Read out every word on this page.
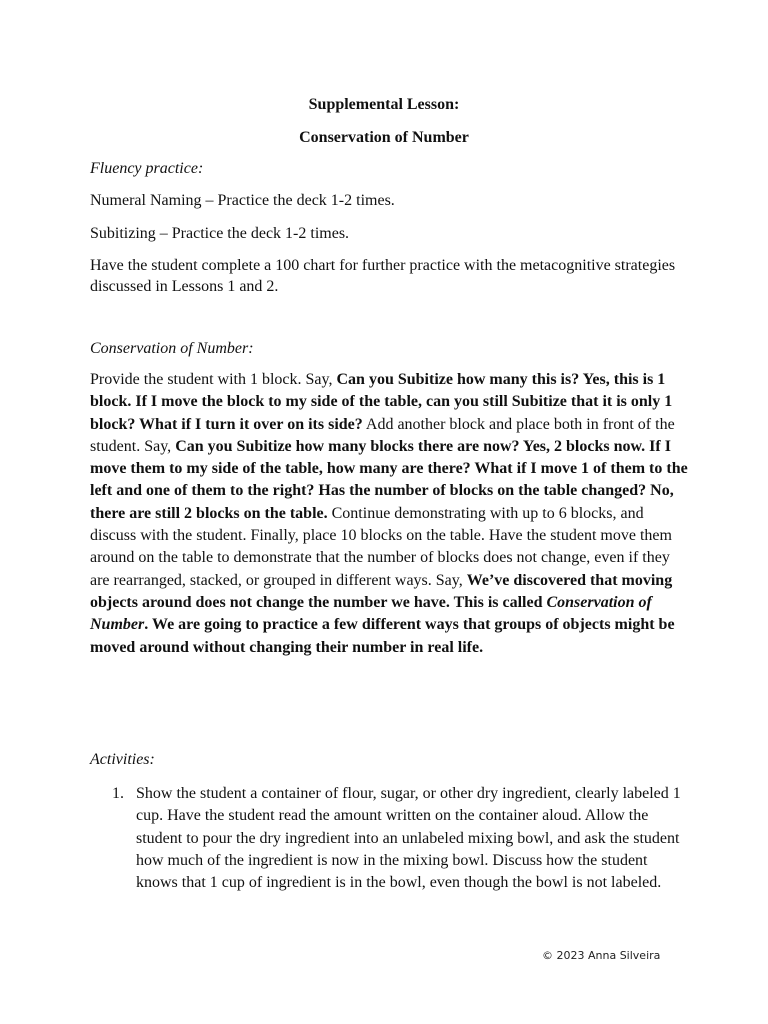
Supplemental Lesson:
Conservation of Number
Fluency practice:
Numeral Naming – Practice the deck 1-2 times.
Subitizing – Practice the deck 1-2 times.
Have the student complete a 100 chart for further practice with the metacognitive strategies discussed in Lessons 1 and 2.
Conservation of Number:
Provide the student with 1 block. Say, Can you Subitize how many this is? Yes, this is 1 block. If I move the block to my side of the table, can you still Subitize that it is only 1 block? What if I turn it over on its side? Add another block and place both in front of the student. Say, Can you Subitize how many blocks there are now? Yes, 2 blocks now. If I move them to my side of the table, how many are there? What if I move 1 of them to the left and one of them to the right? Has the number of blocks on the table changed? No, there are still 2 blocks on the table. Continue demonstrating with up to 6 blocks, and discuss with the student. Finally, place 10 blocks on the table. Have the student move them around on the table to demonstrate that the number of blocks does not change, even if they are rearranged, stacked, or grouped in different ways. Say, We’ve discovered that moving objects around does not change the number we have. This is called Conservation of Number. We are going to practice a few different ways that groups of objects might be moved around without changing their number in real life.
Activities:
1. Show the student a container of flour, sugar, or other dry ingredient, clearly labeled 1 cup. Have the student read the amount written on the container aloud. Allow the student to pour the dry ingredient into an unlabeled mixing bowl, and ask the student how much of the ingredient is now in the mixing bowl. Discuss how the student knows that 1 cup of ingredient is in the bowl, even though the bowl is not labeled.
© 2023 Anna Silveira
